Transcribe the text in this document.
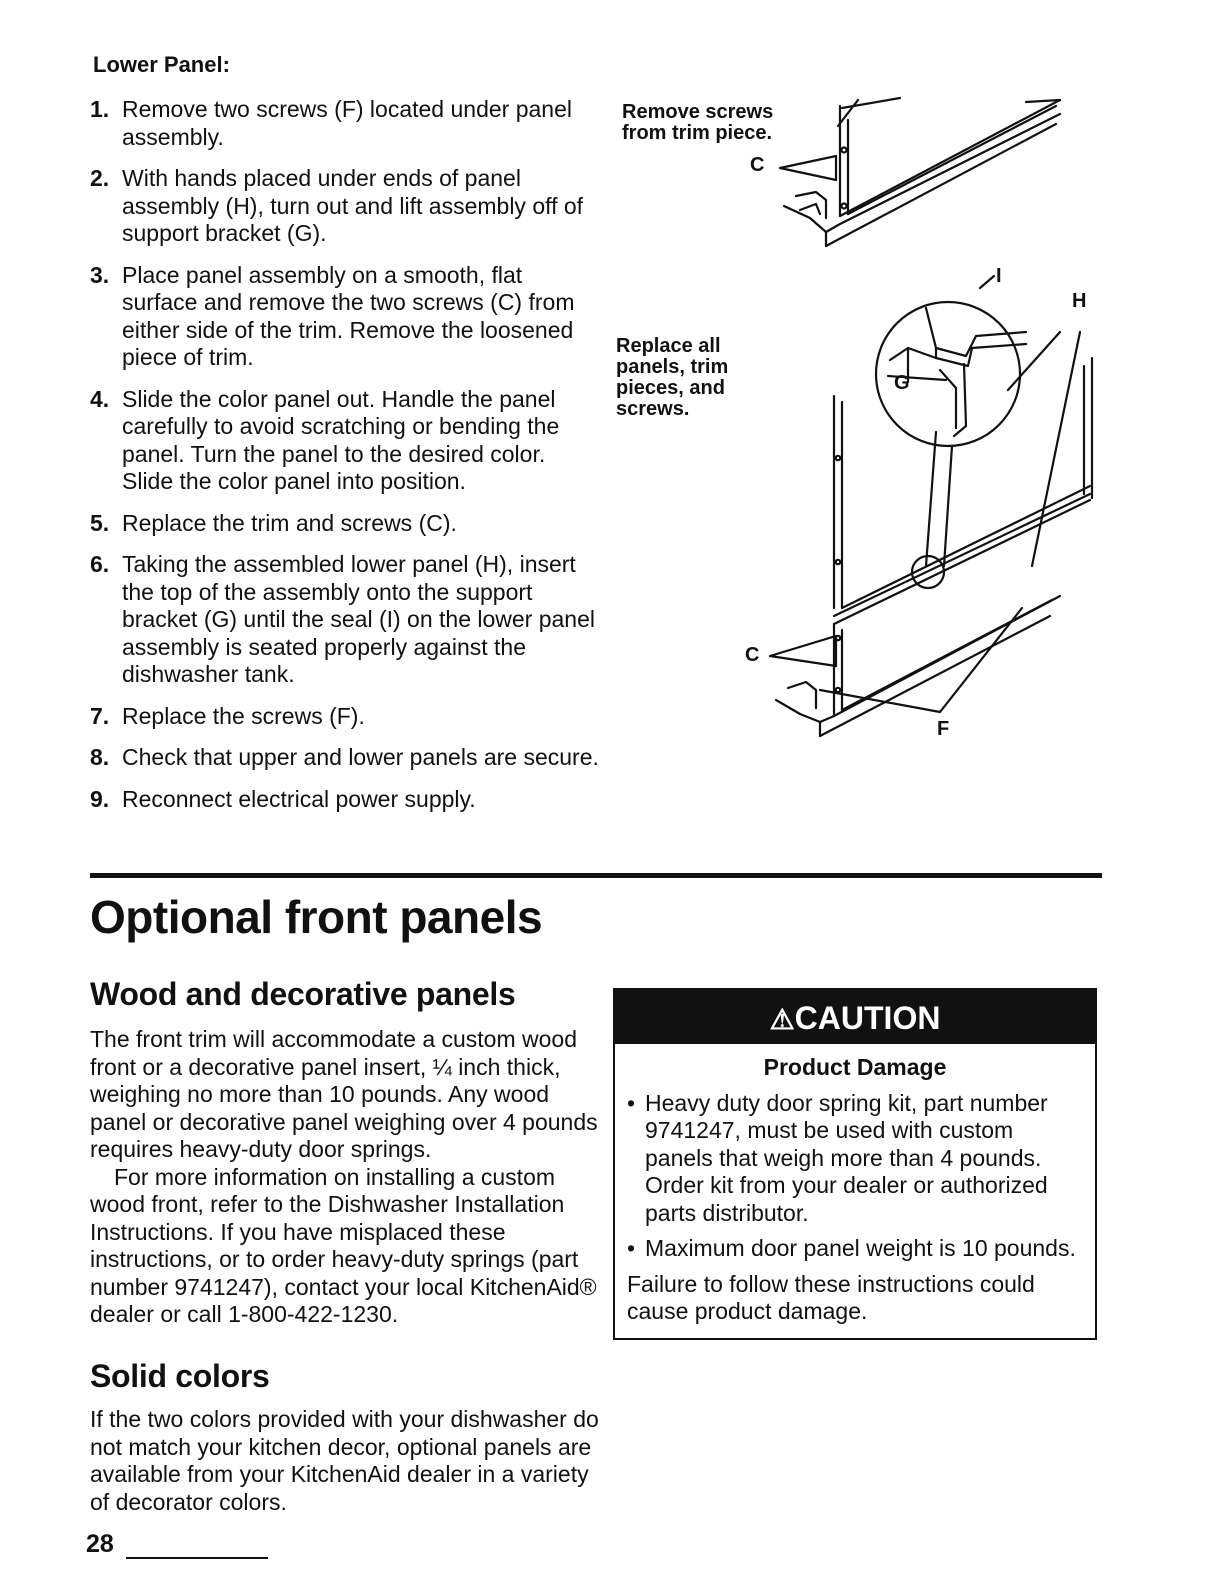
Lower Panel:
1. Remove two screws (F) located under panel assembly.
2. With hands placed under ends of panel assembly (H), turn out and lift assembly off of support bracket (G).
3. Place panel assembly on a smooth, flat surface and remove the two screws (C) from either side of the trim. Remove the loosened piece of trim.
4. Slide the color panel out. Handle the panel carefully to avoid scratching or bending the panel. Turn the panel to the desired color. Slide the color panel into position.
5. Replace the trim and screws (C).
6. Taking the assembled lower panel (H), insert the top of the assembly onto the support bracket (G) until the seal (I) on the lower panel assembly is seated properly against the dishwasher tank.
7. Replace the screws (F).
8. Check that upper and lower panels are secure.
9. Reconnect electrical power supply.
Remove screws from trim piece.
Replace all panels, trim pieces, and screws.
C
I
H
G
C
F
Optional front panels
Wood and decorative panels

The front trim will accommodate a custom wood front or a decorative panel insert, ¼ inch thick, weighing no more than 10 pounds. Any wood panel or decorative panel weighing over 4 pounds requires heavy-duty door springs.

For more information on installing a custom wood front, refer to the Dishwasher Installation Instructions. If you have misplaced these instructions, or to order heavy-duty springs (part number 9741247), contact your local KitchenAid® dealer or call 1-800-422-1230.

Solid colors
If the two colors provided with your dishwasher do not match your kitchen decor, optional panels are available from your KitchenAid dealer in a variety of decorator colors.
⚠CAUTION
Product Damage
• Heavy duty door spring kit, part number 9741247, must be used with custom panels that weigh more than 4 pounds. Order kit from your dealer or authorized parts distributor.
• Maximum door panel weight is 10 pounds.
Failure to follow these instructions could cause product damage.
28
